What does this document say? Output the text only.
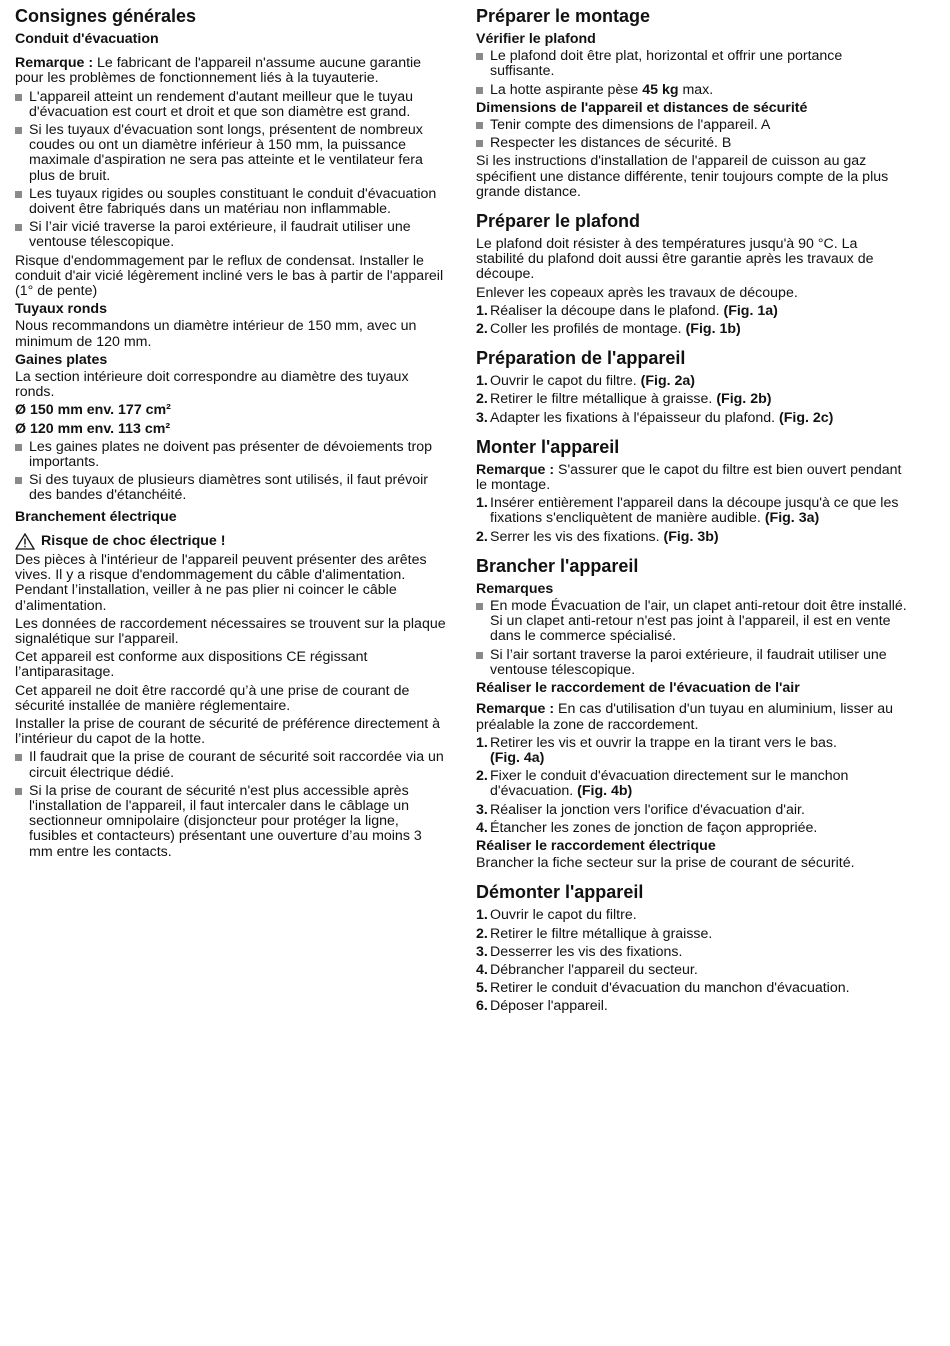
Consignes générales
Conduit d'évacuation

Remarque : Le fabricant de l'appareil n'assume aucune garantie pour les problèmes de fonctionnement liés à la tuyauterie.

L'appareil atteint un rendement d'autant meilleur que le tuyau d'évacuation est court et droit et que son diamètre est grand.
Si les tuyaux d'évacuation sont longs, présentent de nombreux coudes ou ont un diamètre inférieur à 150 mm, la puissance maximale d'aspiration ne sera pas atteinte et le ventilateur fera plus de bruit.
Les tuyaux rigides ou souples constituant le conduit d'évacuation doivent être fabriqués dans un matériau non inflammable.
Si l’air vicié traverse la paroi extérieure, il faudrait utiliser une ventouse télescopique.

Risque d'endommagement par le reflux de condensat. Installer le conduit d'air vicié légèrement incliné vers le bas à partir de l'appareil (1° de pente)

Tuyaux ronds

Nous recommandons un diamètre intérieur de 150 mm, avec un minimum de 120 mm.

Gaines plates

La section intérieure doit correspondre au diamètre des tuyaux ronds.

Ø 150 mm env. 177 cm²

Ø 120 mm env. 113 cm²

Les gaines plates ne doivent pas présenter de dévoiements trop importants.
Si des tuyaux de plusieurs diamètres sont utilisés, il faut prévoir des bandes d'étanchéité.
Branchement électrique
Risque de choc électrique !

Des pièces à l'intérieur de l'appareil peuvent présenter des arêtes vives. Il y a risque d'endommagement du câble d'alimentation. Pendant l’installation, veiller à ne pas plier ni coincer le câble d’alimentation.

Les données de raccordement nécessaires se trouvent sur la plaque signalétique sur l'appareil.

Cet appareil est conforme aux dispositions CE régissant l’antiparasitage.

Cet appareil ne doit être raccordé qu’à une prise de courant de sécurité installée de manière réglementaire.

Installer la prise de courant de sécurité de préférence directement à l’intérieur du capot de la hotte.

Il faudrait que la prise de courant de sécurité soit raccordée via un circuit électrique dédié.
Si la prise de courant de sécurité n'est plus accessible après l'installation de l'appareil, il faut intercaler dans le câblage un sectionneur omnipolaire (disjoncteur pour protéger la ligne, fusibles et contacteurs) présentant une ouverture d’au moins 3 mm entre les contacts.
Préparer le montage
Vérifier le plafond
Le plafond doit être plat, horizontal et offrir une portance suffisante.
La hotte aspirante pèse 45 kg max.
Dimensions de l'appareil et distances de sécurité
Tenir compte des dimensions de l'appareil. A
Respecter les distances de sécurité. B

Si les instructions d'installation de l'appareil de cuisson au gaz spécifient une distance différente, tenir toujours compte de la plus grande distance.

Préparer le plafond

Le plafond doit résister à des températures jusqu'à 90 °C. La stabilité du plafond doit aussi être garantie après les travaux de découpe.

Enlever les copeaux après les travaux de découpe.

1. Réaliser la découpe dans le plafond. (Fig. 1a)
2. Coller les profilés de montage. (Fig. 1b)
Préparation de l'appareil
1. Ouvrir le capot du filtre. (Fig. 2a)
2. Retirer le filtre métallique à graisse. (Fig. 2b)
3. Adapter les fixations à l'épaisseur du plafond. (Fig. 2c)
Monter l'appareil

Remarque : S'assurer que le capot du filtre est bien ouvert pendant le montage.

1. Insérer entièrement l'appareil dans la découpe jusqu'à ce que les fixations s'encliquètent de manière audible. (Fig. 3a)
2. Serrer les vis des fixations. (Fig. 3b)
Brancher l'appareil
Remarques
En mode Évacuation de l'air, un clapet anti-retour doit être installé. Si un clapet anti-retour n'est pas joint à l'appareil, il est en vente dans le commerce spécialisé.
Si l’air sortant traverse la paroi extérieure, il faudrait utiliser une ventouse télescopique.
Réaliser le raccordement de l'évacuation de l'air

Remarque : En cas d'utilisation d'un tuyau en aluminium, lisser au préalable la zone de raccordement.

1. Retirer les vis et ouvrir la trappe en la tirant vers le bas.
(Fig. 4a)
2. Fixer le conduit d'évacuation directement sur le manchon d'évacuation. (Fig. 4b)
3. Réaliser la jonction vers l'orifice d'évacuation d'air.
4. Étancher les zones de jonction de façon appropriée.
Réaliser le raccordement électrique

Brancher la fiche secteur sur la prise de courant de sécurité.

Démonter l'appareil
1. Ouvrir le capot du filtre.
2. Retirer le filtre métallique à graisse.
3. Desserrer les vis des fixations.
4. Débrancher l'appareil du secteur.
5. Retirer le conduit d'évacuation du manchon d'évacuation.
6. Déposer l'appareil.
